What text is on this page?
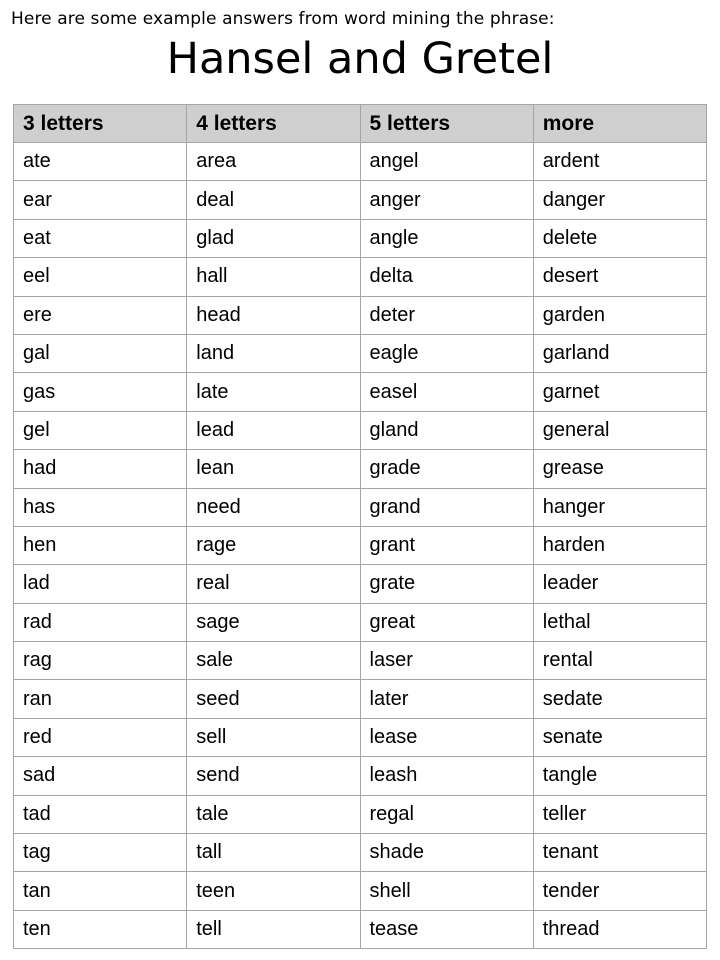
Here are some example answers from word mining the phrase:
Hansel and Gretel
3 letters	4 letters	5 letters	more
ate	area	angel	ardent
ear	deal	anger	danger
eat	glad	angle	delete
eel	hall	delta	desert
ere	head	deter	garden
gal	land	eagle	garland
gas	late	easel	garnet
gel	lead	gland	general
had	lean	grade	grease
has	need	grand	hanger
hen	rage	grant	harden
lad	real	grate	leader
rad	sage	great	lethal
rag	sale	laser	rental
ran	seed	later	sedate
red	sell	lease	senate
sad	send	leash	tangle
tad	tale	regal	teller
tag	tall	shade	tenant
tan	teen	shell	tender
ten	tell	tease	thread
